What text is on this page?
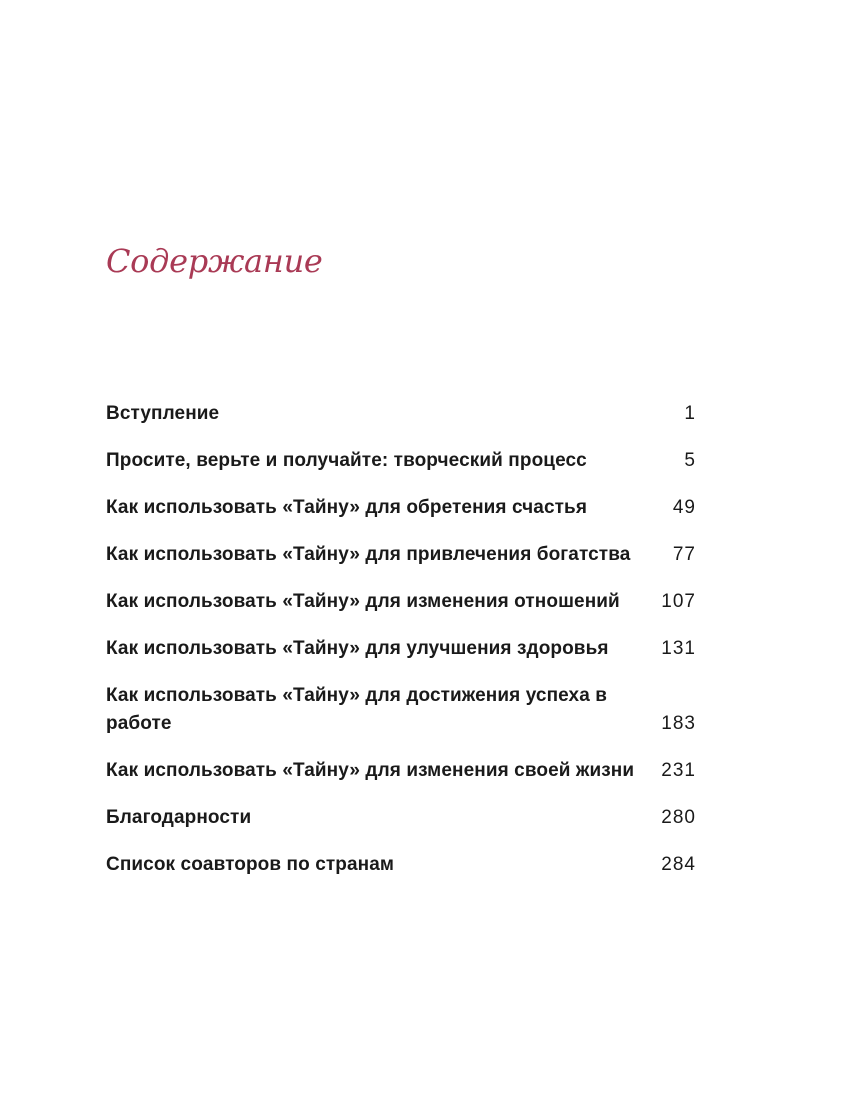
Содержание
Вступление	1
Просите, верьте и получайте: творческий процесс	5
Как использовать «Тайну» для обретения счастья	49
Как использовать «Тайну» для привлечения богатства	77
Как использовать «Тайну» для изменения отношений 107
Как использовать «Тайну» для улучшения здоровья	131
Как использовать «Тайну» для достижения успеха в работе	183
Как использовать «Тайну» для изменения своей жизни 231
Благодарности	280
Список соавторов по странам	284
